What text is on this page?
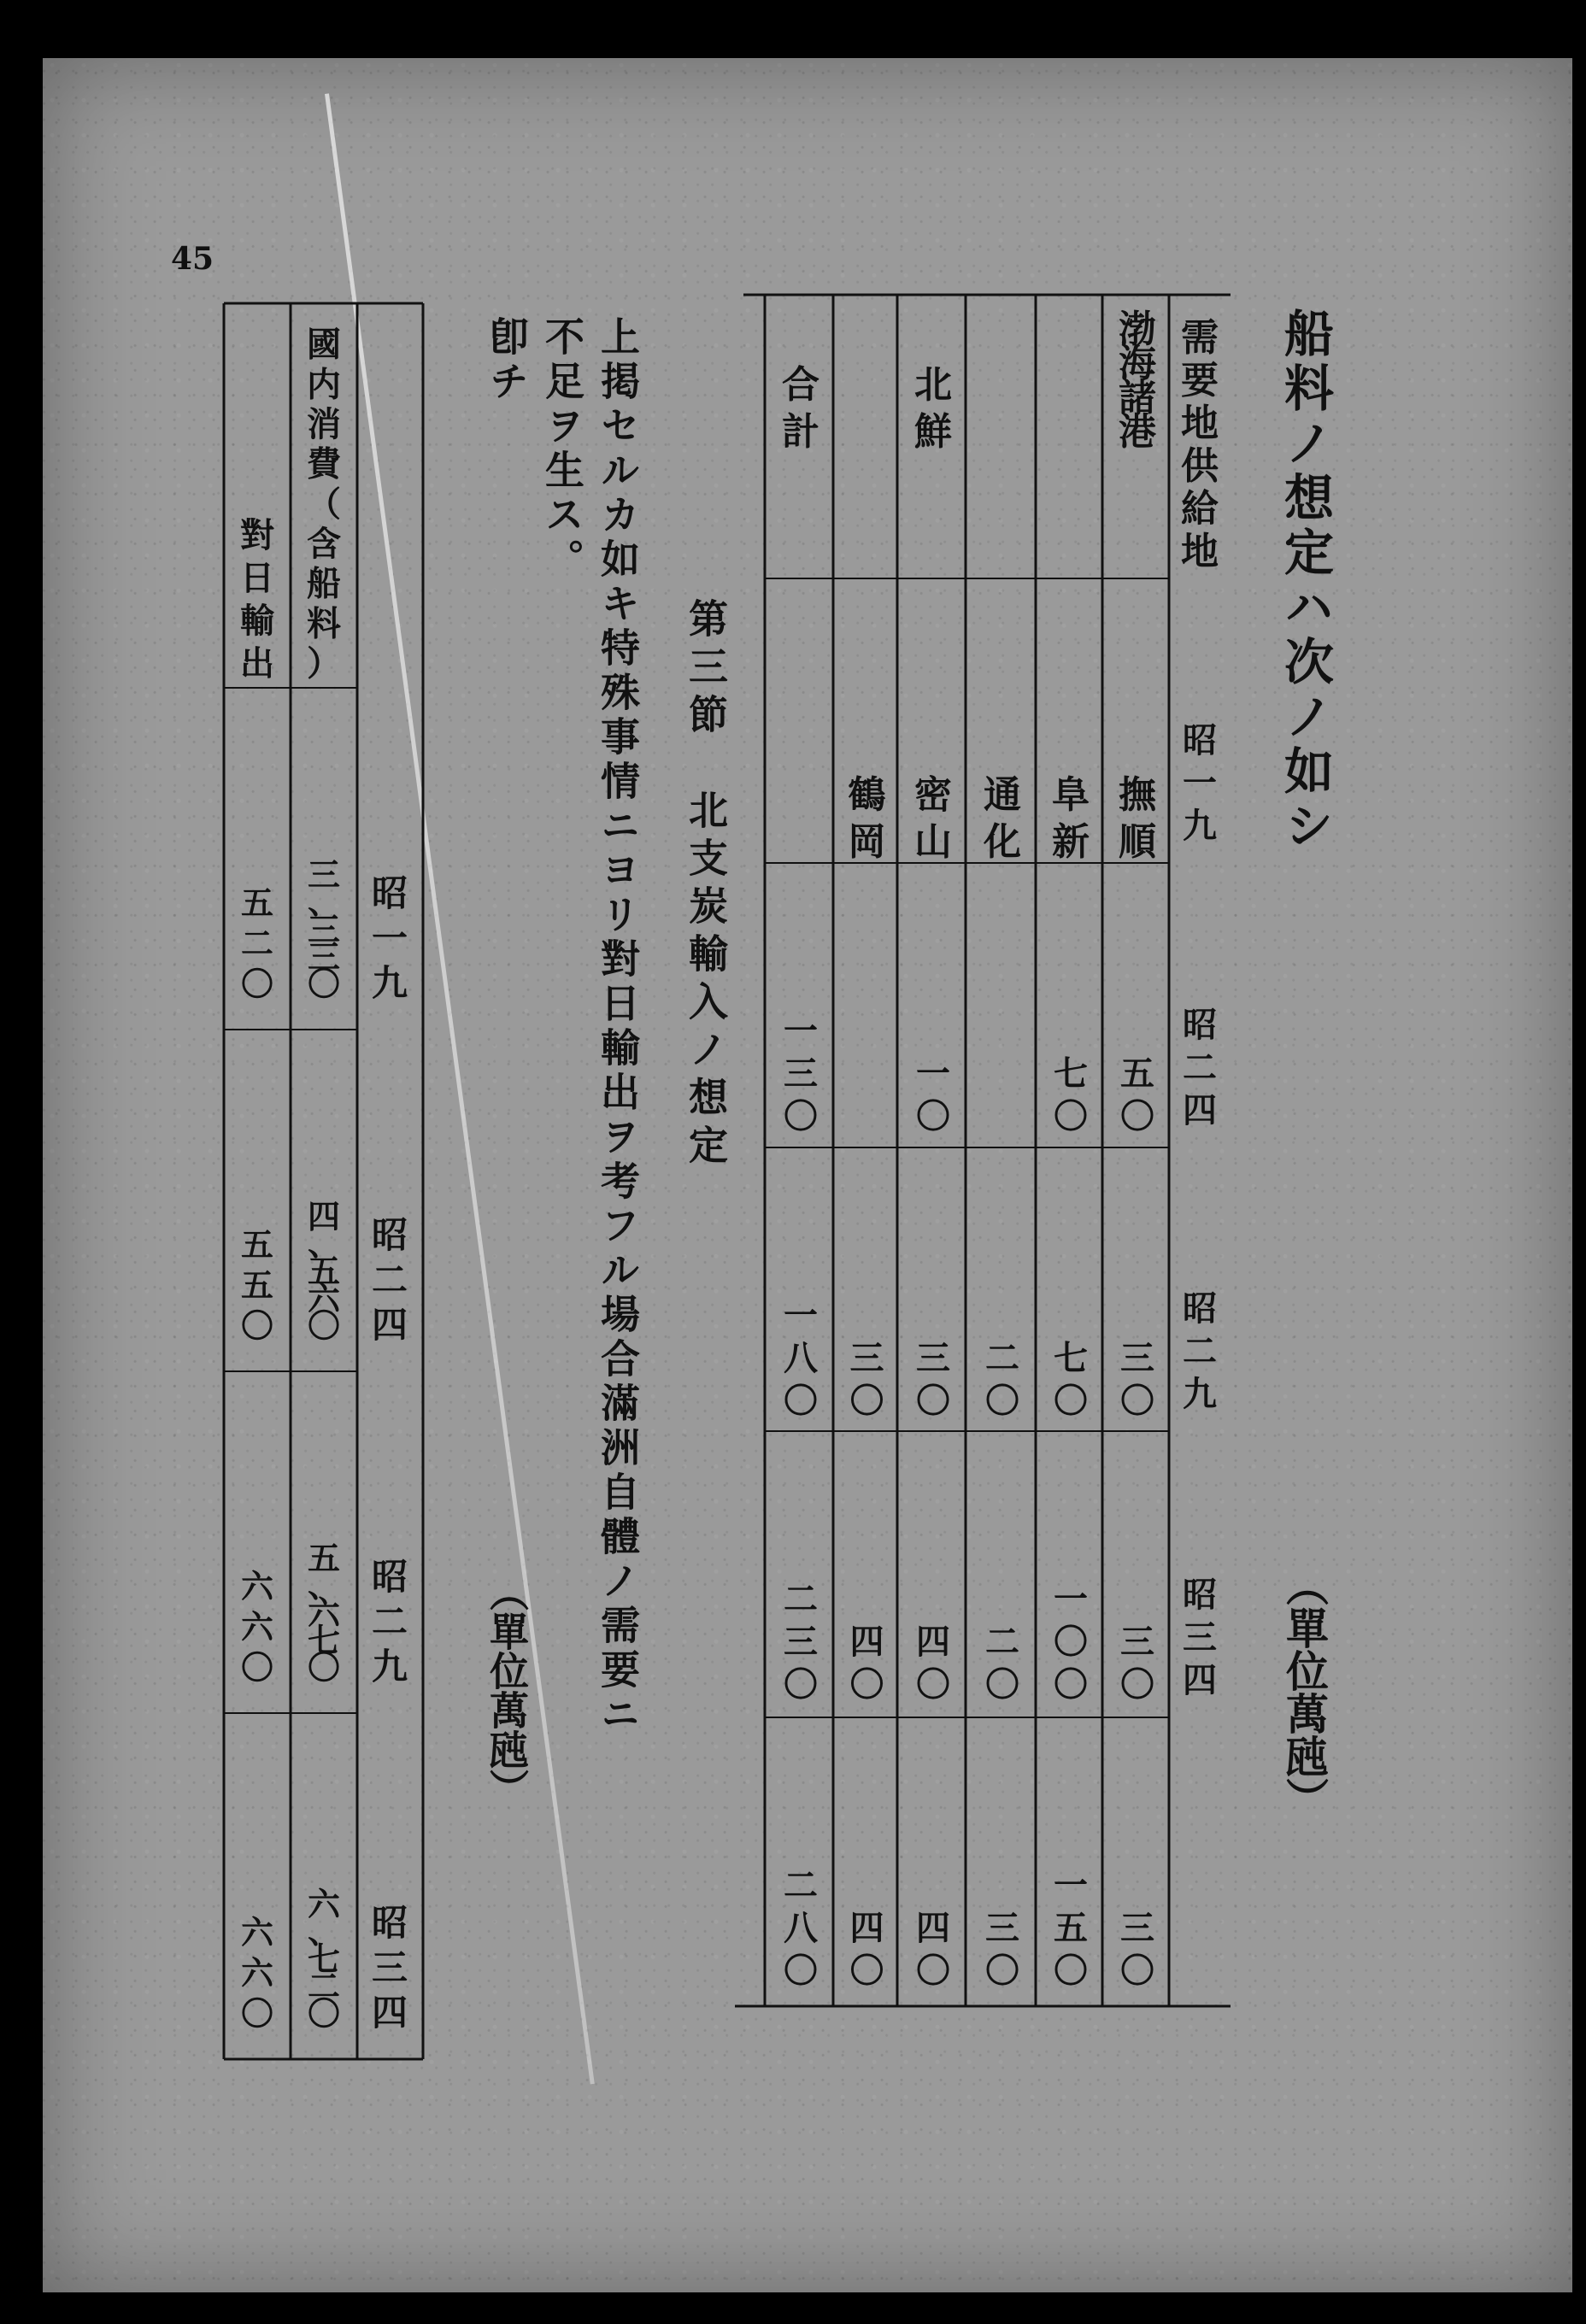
45
船料ノ想定ハ次ノ如シ
（單位萬瓲）
需要地供給地
昭一九
昭二四
昭二九
昭三四
渤海諸港
撫順
五〇
三〇
三〇
三〇
阜新
七〇
七〇
一〇〇
一五〇
通化
二〇
二〇
三〇
北鮮
密山
一〇
三〇
四〇
四〇
鶴岡
三〇
四〇
四〇
合計
一三〇
一八〇
二三〇
二八〇
第三節　北支炭輸入ノ想定
上掲セルカ如キ特殊事情ニヨリ對日輸出ヲ考フル場合滿洲自體ノ需要ニ
不足ヲ生ス。
卽チ
（單位萬瓲）
昭一九
昭二四
昭二九
昭三四
國内消費（含船料）
三、三三〇
四、五六〇
五、六七〇
六、七二〇
對日輸出
五二〇
五五〇
六六〇
六六〇
